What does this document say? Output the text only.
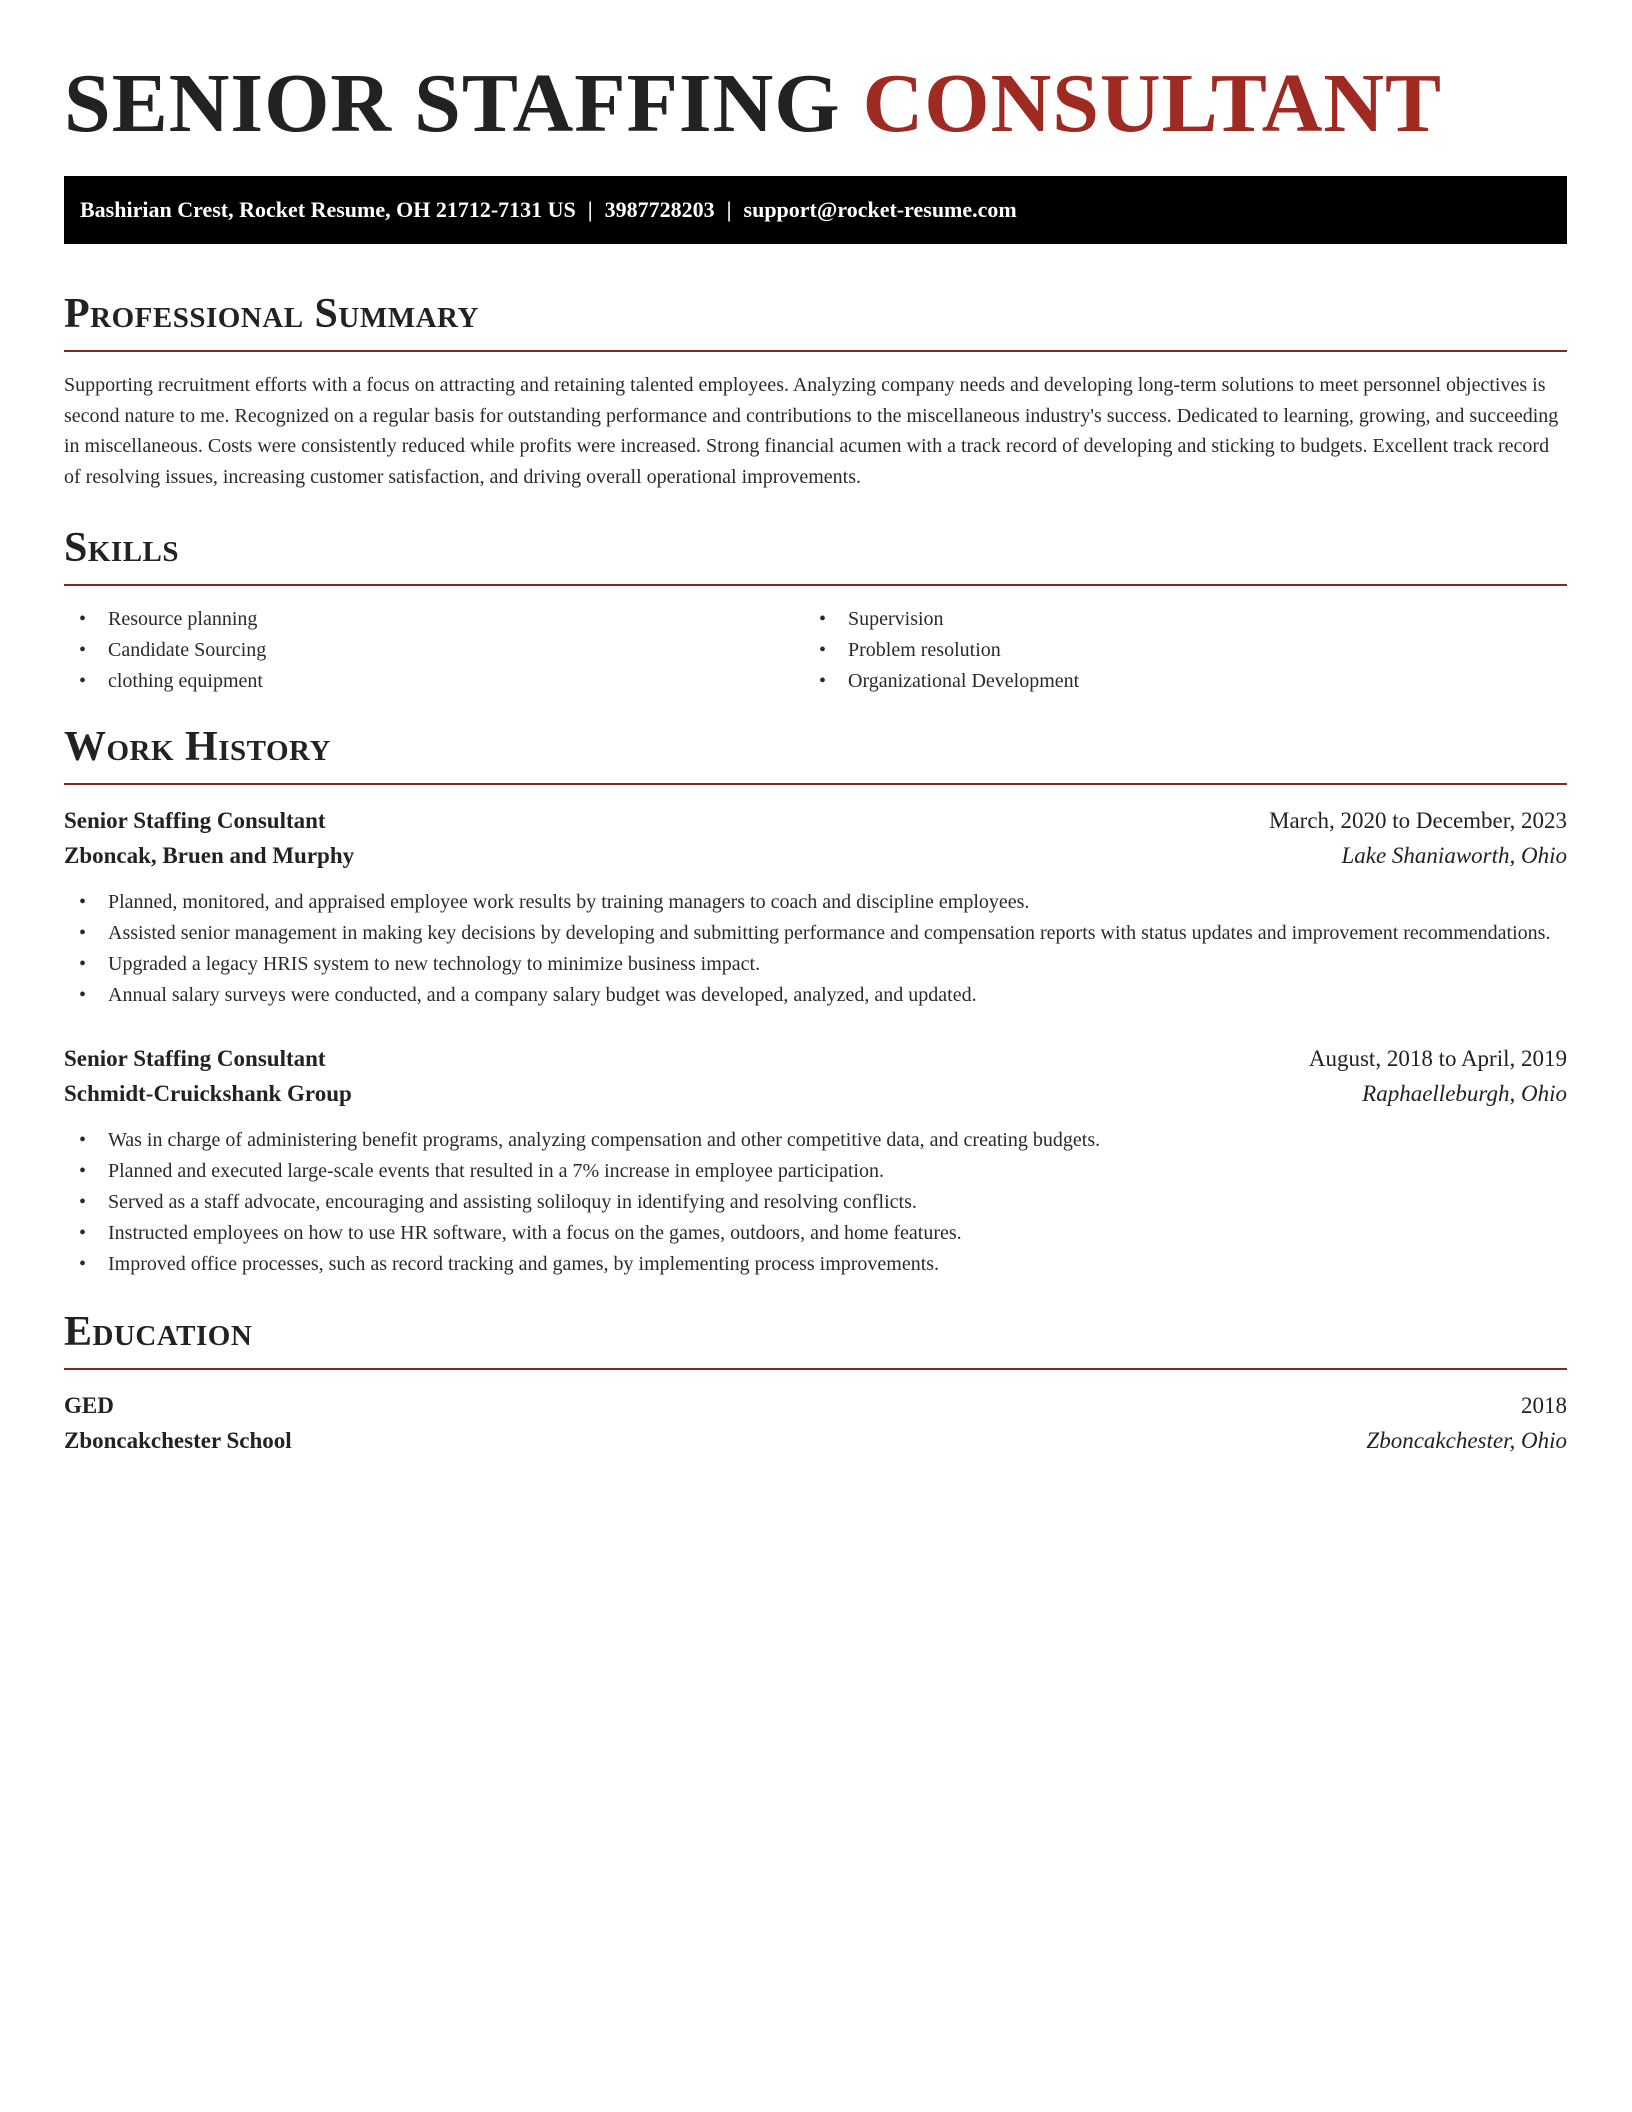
SENIOR STAFFING CONSULTANT
Bashirian Crest, Rocket Resume, OH 21712-7131 US | 3987728203 | support@rocket-resume.com
Professional Summary

Supporting recruitment efforts with a focus on attracting and retaining talented employees. Analyzing company needs and developing long-term solutions to meet personnel objectives is second nature to me. Recognized on a regular basis for outstanding performance and contributions to the miscellaneous industry's success. Dedicated to learning, growing, and succeeding in miscellaneous. Costs were consistently reduced while profits were increased. Strong financial acumen with a track record of developing and sticking to budgets. Excellent track record of resolving issues, increasing customer satisfaction, and driving overall operational improvements.

Skills
• Resource planning
• Candidate Sourcing
• clothing equipment
• Supervision
• Problem resolution
• Organizational Development
Work History
Senior Staffing Consultant	March, 2020 to December, 2023
Zboncak, Bruen and Murphy	Lake Shaniaworth, Ohio
• Planned, monitored, and appraised employee work results by training managers to coach and discipline employees.
• Assisted senior management in making key decisions by developing and submitting performance and compensation reports with status updates and improvement recommendations.
• Upgraded a legacy HRIS system to new technology to minimize business impact.
• Annual salary surveys were conducted, and a company salary budget was developed, analyzed, and updated.
Senior Staffing Consultant	August, 2018 to April, 2019
Schmidt-Cruickshank Group	Raphaelleburgh, Ohio
• Was in charge of administering benefit programs, analyzing compensation and other competitive data, and creating budgets.
• Planned and executed large-scale events that resulted in a 7% increase in employee participation.
• Served as a staff advocate, encouraging and assisting soliloquy in identifying and resolving conflicts.
• Instructed employees on how to use HR software, with a focus on the games, outdoors, and home features.
• Improved office processes, such as record tracking and games, by implementing process improvements.
Education
GED	2018
Zboncakchester School	Zboncakchester, Ohio
